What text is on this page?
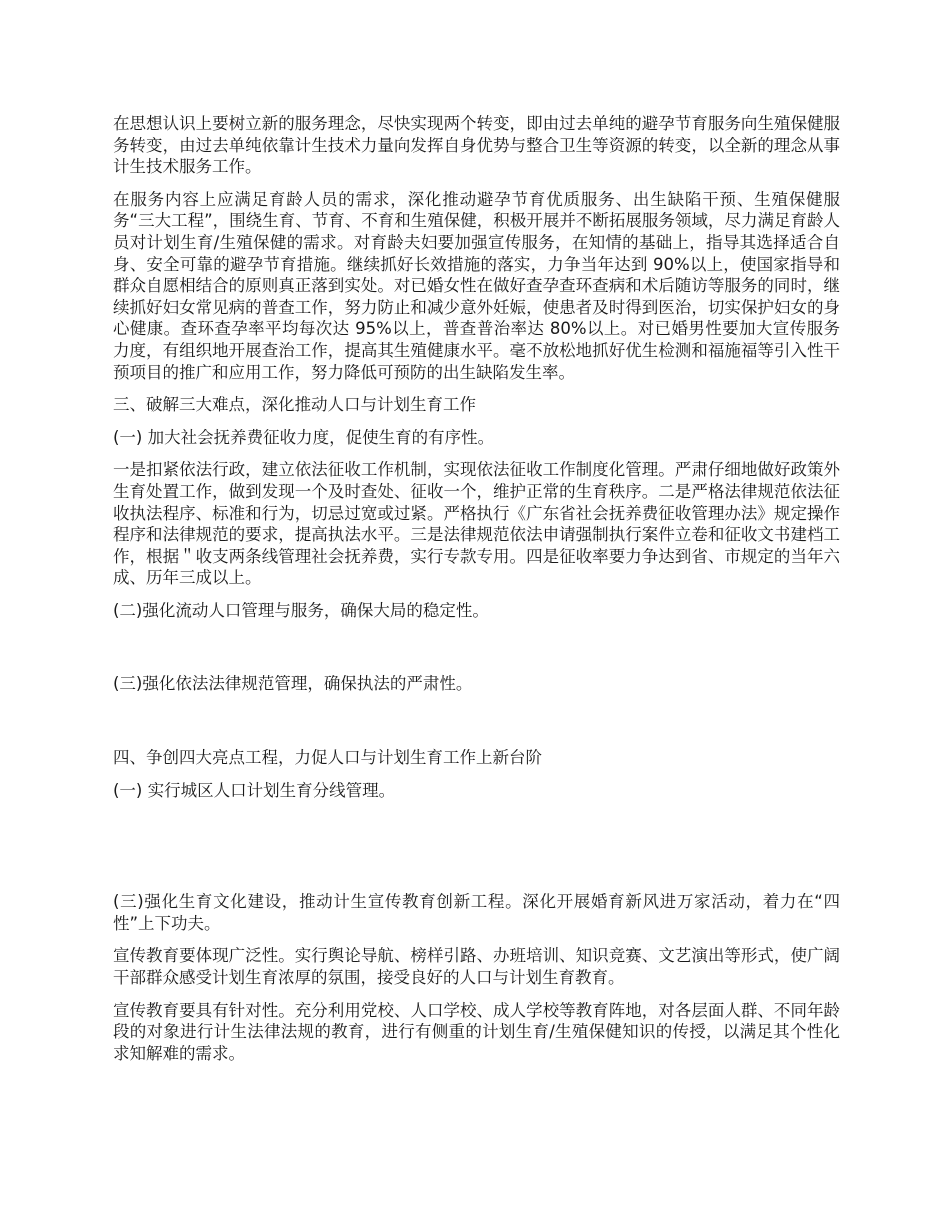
在思想认识上要树立新的服务理念，尽快实现两个转变，即由过去单纯的避孕节育服务向生殖保健服务转变，由过去单纯依靠计生技术力量向发挥自身优势与整合卫生等资源的转变，以全新的理念从事计生技术服务工作。

在服务内容上应满足育龄人员的需求，深化推动避孕节育优质服务、出生缺陷干预、生殖保健服务“三大工程”，围绕生育、节育、不育和生殖保健，积极开展并不断拓展服务领域，尽力满足育龄人员对计划生育/生殖保健的需求。对育龄夫妇要加强宣传服务，在知情的基础上，指导其选择适合自身、安全可靠的避孕节育措施。继续抓好长效措施的落实，力争当年达到 90%以上，使国家指导和群众自愿相结合的原则真正落到实处。对已婚女性在做好查孕查环查病和术后随访等服务的同时，继续抓好妇女常见病的普查工作，努力防止和减少意外妊娠，使患者及时得到医治，切实保护妇女的身心健康。查环查孕率平均每次达 95%以上，普查普治率达 80%以上。对已婚男性要加大宣传服务力度，有组织地开展查治工作，提高其生殖健康水平。毫不放松地抓好优生检测和福施福等引入性干预项目的推广和应用工作，努力降低可预防的出生缺陷发生率。

三、破解三大难点，深化推动人口与计划生育工作

(一) 加大社会抚养费征收力度，促使生育的有序性。

一是扣紧依法行政，建立依法征收工作机制，实现依法征收工作制度化管理。严肃仔细地做好政策外生育处置工作，做到发现一个及时查处、征收一个，维护正常的生育秩序。二是严格法律规范依法征收执法程序、标准和行为，切忌过宽或过紧。严格执行《广东省社会抚养费征收管理办法》规定操作程序和法律规范的要求，提高执法水平。三是法律规范依法申请强制执行案件立卷和征收文书建档工作，根据＂收支两条线管理社会抚养费，实行专款专用。四是征收率要力争达到省、市规定的当年六成、历年三成以上。

(二)强化流动人口管理与服务，确保大局的稳定性。

(三)强化依法法律规范管理，确保执法的严肃性。

四、争创四大亮点工程，力促人口与计划生育工作上新台阶

(一) 实行城区人口计划生育分线管理。

(三)强化生育文化建设，推动计生宣传教育创新工程。深化开展婚育新风进万家活动，着力在“四性”上下功夫。

宣传教育要体现广泛性。实行舆论导航、榜样引路、办班培训、知识竞赛、文艺演出等形式，使广阔干部群众感受计划生育浓厚的氛围，接受良好的人口与计划生育教育。

宣传教育要具有针对性。充分利用党校、人口学校、成人学校等教育阵地，对各层面人群、不同年龄段的对象进行计生法律法规的教育，进行有侧重的计划生育/生殖保健知识的传授，以满足其个性化求知解难的需求。
